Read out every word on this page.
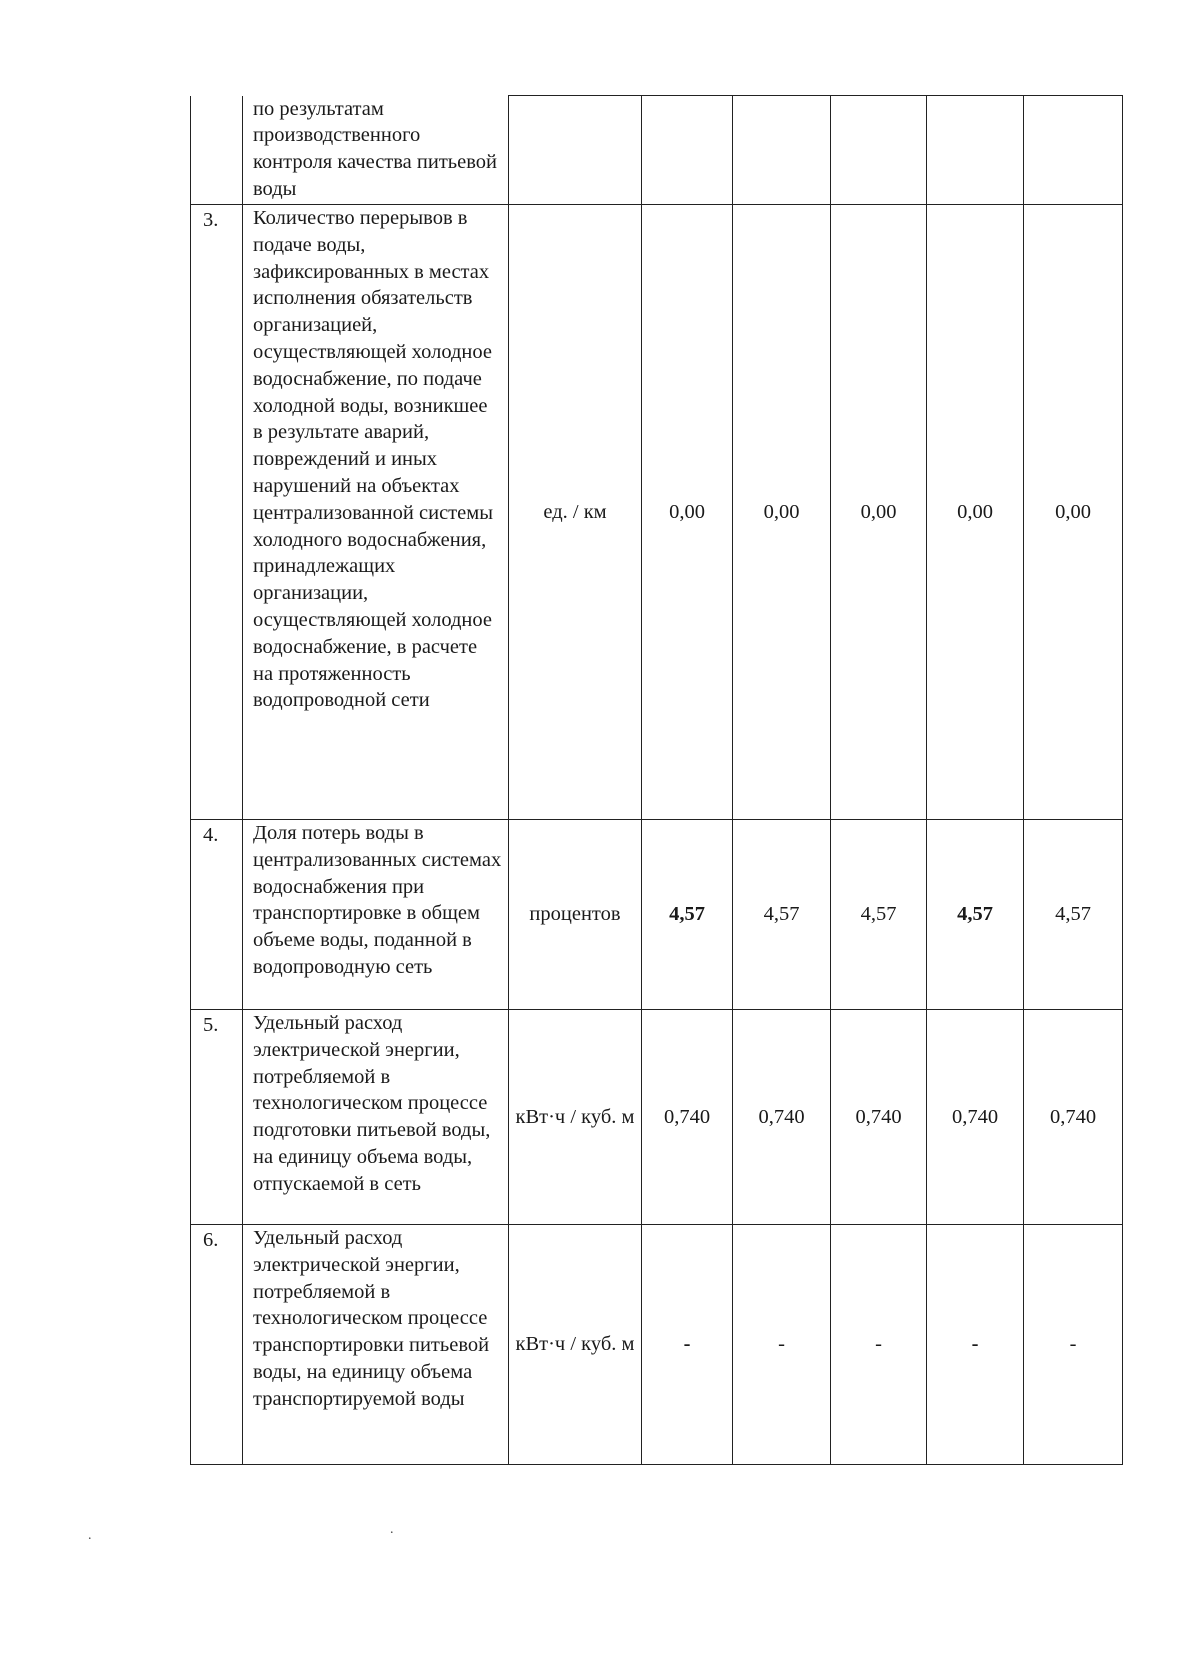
	по результатам производственного контроля качества питьевой воды						
3.	Количество перерывов в подаче воды, зафиксированных в местах исполнения обязательств организацией, осуществляющей холодное водоснабжение, по подаче холодной воды, возникшее в результате аварий, повреждений и иных нарушений на объектах централизованной системы холодного водоснабжения, принадлежащих организации, осуществляющей холодное водоснабжение, в расчете на протяженность водопроводной сети	ед. / км	0,00	0,00	0,00	0,00	0,00
4.	Доля потерь воды в централизованных системах водоснабжения при транспортировке в общем объеме воды, поданной в водопроводную сеть	процентов	4,57	4,57	4,57	4,57	4,57
5.	Удельный расход электрической энергии, потребляемой в технологическом процессе подготовки питьевой воды, на единицу объема воды, отпускаемой в сеть	кВт·ч / куб. м	0,740	0,740	0,740	0,740	0,740
6.	Удельный расход электрической энергии, потребляемой в технологическом процессе транспортировки питьевой воды, на единицу объема транспортируемой воды	кВт·ч / куб. м	-	-	-	-	-
.	.
